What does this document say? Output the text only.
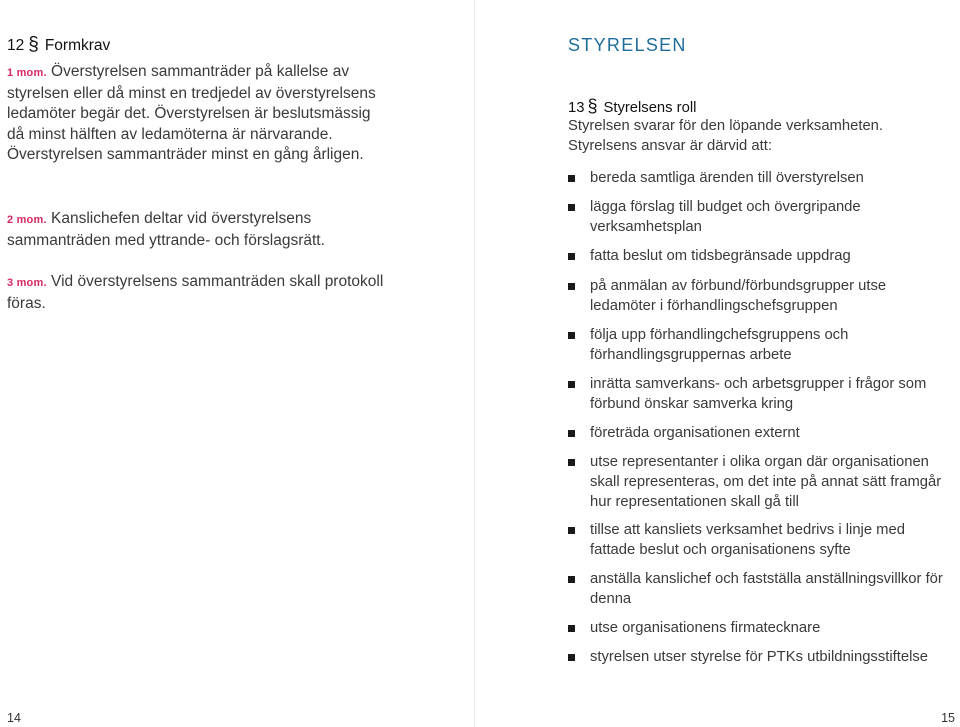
12 § Formkrav
1 mom. Överstyrelsen sammanträder på kallelse av styrelsen eller då minst en tredjedel av överstyrelsens ledamöter begär det. Överstyrelsen är beslutsmässig då minst hälften av ledamöterna är närvarande. Överstyrelsen sammanträder minst en gång årligen.
2 mom. Kanslichefen deltar vid överstyrelsens sammanträden med yttrande- och förslagsrätt.
3 mom. Vid överstyrelsens sammanträden skall protokoll föras.
14
STYRELSEN
13 § Styrelsens roll
Styrelsen svarar för den löpande verksamheten.
Styrelsens ansvar är därvid att:
bereda samtliga ärenden till överstyrelsen
lägga förslag till budget och övergripande verksamhetsplan
fatta beslut om tidsbegränsade uppdrag
på anmälan av förbund/förbundsgrupper utse ledamöter i förhandlingschefsgruppen
följa upp förhandlingchefsgruppens och förhandlingsgruppernas arbete
inrätta samverkans- och arbetsgrupper i frågor som förbund önskar samverka kring
företräda organisationen externt
utse representanter i olika organ där organisationen skall representeras, om det inte på annat sätt framgår hur representationen skall gå till
tillse att kansliets verksamhet bedrivs i linje med fattade beslut och organisationens syfte
anställa kanslichef och fastställa anställningsvillkor för denna
utse organisationens firmatecknare
styrelsen utser styrelse för PTKs utbildningsstiftelse
15
